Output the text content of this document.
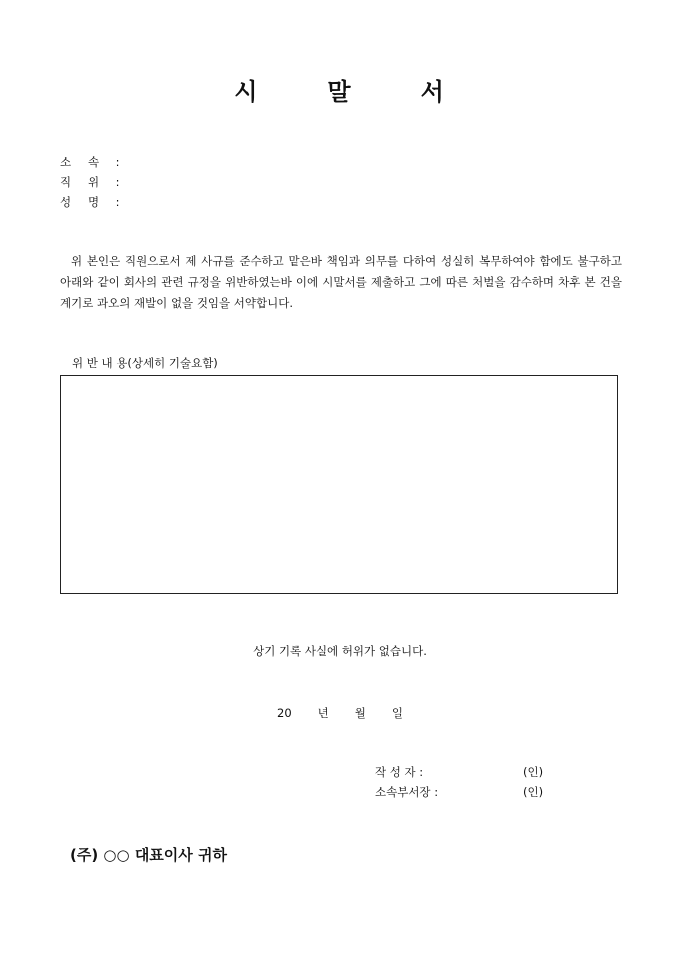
시	말	서
소 속 :
직 위 :
성 명 :
위 본인은 직원으로서 제 사규를 준수하고 맡은바 책임과 의무를 다하여 성실히 복무하여야 함에도 불구하고 아래와 같이 회사의 관련 규정을 위반하였는바 이에 시말서를 제출하고 그에 따른 처벌을 감수하며 차후 본 건을 계기로 과오의 재발이 없을 것임을 서약합니다.
위 반 내 용(상세히 기술요함)
상기 기록 사실에 허위가 없습니다.
20 년 월 일
작 성 자 :	(인)
소속부서장 :	(인)
(주) ○○ 대표이사 귀하
